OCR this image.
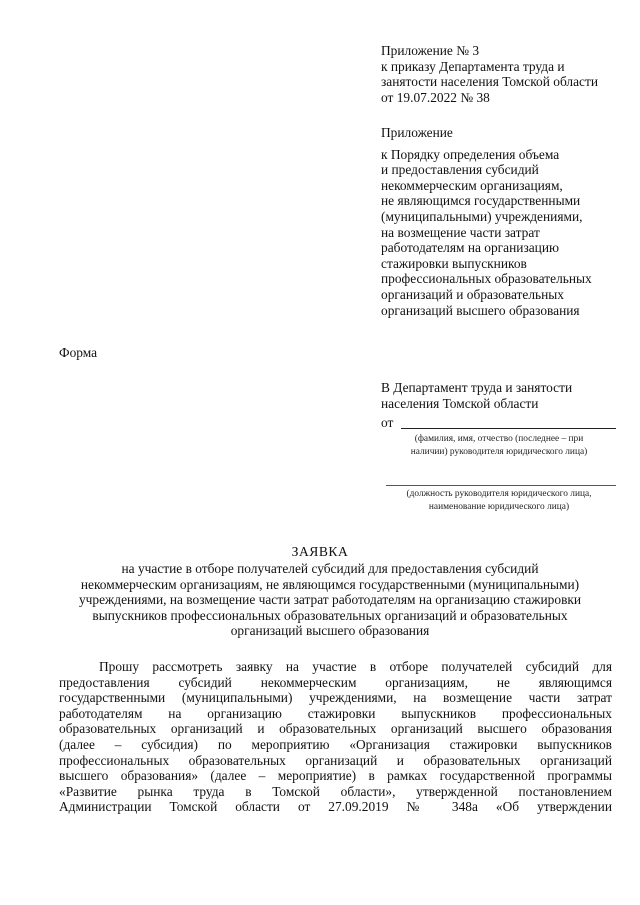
Приложение № 3
к приказу Департамента труда и
занятости населения Томской области
от 19.07.2022 № 38
Приложение
к Порядку определения объема
и предоставления субсидий
некоммерческим организациям,
не являющимся государственными
(муниципальными) учреждениями,
на возмещение части затрат
работодателям на организацию
стажировки выпускников
профессиональных образовательных
организаций и образовательных
организаций высшего образования
Форма
В Департамент труда и занятости
населения Томской области
от
(фамилия, имя, отчество (последнее – при
наличии) руководителя юридического лица)
(должность руководителя юридического лица,
наименование юридического лица)
ЗАЯВКА
на участие в отборе получателей субсидий для предоставления субсидий
некоммерческим организациям, не являющимся государственными (муниципальными)
учреждениями, на возмещение части затрат работодателям на организацию стажировки
выпускников профессиональных образовательных организаций и образовательных
организаций высшего образования
Прошу рассмотреть заявку на участие в отборе получателей субсидий для
предоставления субсидий некоммерческим организациям, не являющимся
государственными (муниципальными) учреждениями, на возмещение части затрат
работодателям на организацию стажировки выпускников профессиональных
образовательных организаций и образовательных организаций высшего образования
(далее – субсидия) по мероприятию «Организация стажировки выпускников
профессиональных образовательных организаций и образовательных организаций
высшего образования» (далее – мероприятие) в рамках государственной программы
«Развитие рынка труда в Томской области», утвержденной постановлением
Администрации Томской области от 27.09.2019 № 348а «Об утверждении
